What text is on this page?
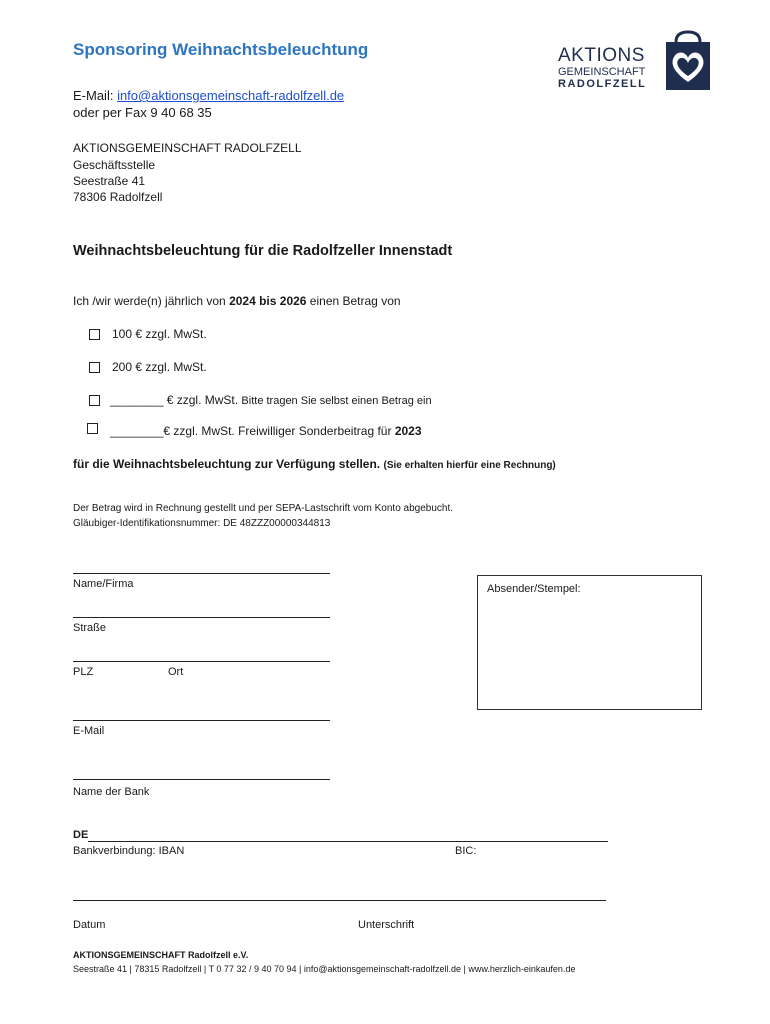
Sponsoring Weihnachtsbeleuchtung
E-Mail: info@aktionsgemeinschaft-radolfzell.de
oder per Fax 9 40 68 35
AKTIONS
GEMEINSCHAFT
RADOLFZELL
AKTIONSGEMEINSCHAFT RADOLFZELL
Geschäftsstelle
Seestraße 41
78306 Radolfzell
Weihnachtsbeleuchtung für die Radolfzeller Innenstadt
Ich /wir werde(n) jährlich von 2024 bis 2026 einen Betrag von
100 € zzgl. MwSt.
200 € zzgl. MwSt.
________ € zzgl. MwSt. Bitte tragen Sie selbst einen Betrag ein
________€ zzgl. MwSt. Freiwilliger Sonderbeitrag für 2023
für die Weihnachtsbeleuchtung zur Verfügung stellen. (Sie erhalten hierfür eine Rechnung)
Der Betrag wird in Rechnung gestellt und per SEPA-Lastschrift vom Konto abgebucht.
Gläubiger-Identifikationsnummer: DE 48ZZZ00000344813
Name/Firma
Straße
PLZ	Ort
E-Mail
Name der Bank
DE
Bankverbindung: IBAN	BIC:
Datum	Unterschrift
Absender/Stempel:
AKTIONSGEMEINSCHAFT Radolfzell e.V.
Seestraße 41 | 78315 Radolfzell | T 0 77 32 / 9 40 70 94 | info@aktionsgemeinschaft-radolfzell.de | www.herzlich-einkaufen.de
